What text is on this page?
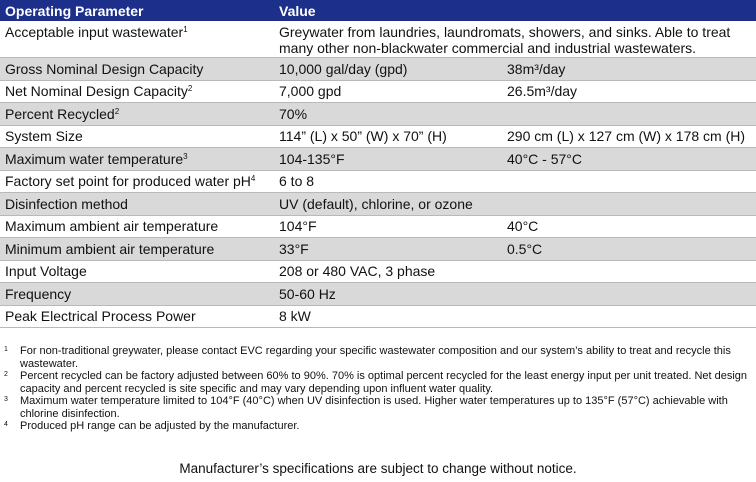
Operating Parameter	Value
Acceptable input wastewater$^1$	Greywater from laundries, laundromats, showers, and sinks. Able to treat many other non-blackwater commercial and industrial wastewaters.
Gross Nominal Design Capacity	10,000 gal/day (gpd)	38m³/day
Net Nominal Design Capacity$^2$	7,000 gpd	26.5m³/day
Percent Recycled$^2$	70%
System Size	114” (L) x 50” (W) x 70” (H)	290 cm (L) x 127 cm (W) x 178 cm (H)
Maximum water temperature$^3$	104-135°F	40°C - 57°C
Factory set point for produced water $pH^4$	6 to 8
Disinfection method	UV (default), chlorine, or ozone
Maximum ambient air temperature	104°F	40°C
Minimum ambient air temperature	33°F	0.5°C
Input Voltage	208 or 480 VAC, 3 phase
Frequency	50-60 Hz
Peak Electrical Process Power	8 kW
1	For non-traditional greywater, please contact EVC regarding your specific wastewater composition and our system’s ability to treat and recycle this wastewater.
2	Percent recycled can be factory adjusted between 60% to 90%. 70% is optimal percent recycled for the least energy input per unit treated. Net design capacity and percent recycled is site specific and may vary depending upon influent water quality.
3	Maximum water temperature limited to 104°F (40°C) when UV disinfection is used. Higher water temperatures up to 135°F (57°C) achievable with chlorine disinfection.
4	Produced pH range can be adjusted by the manufacturer.
Manufacturer’s specifications are subject to change without notice.
